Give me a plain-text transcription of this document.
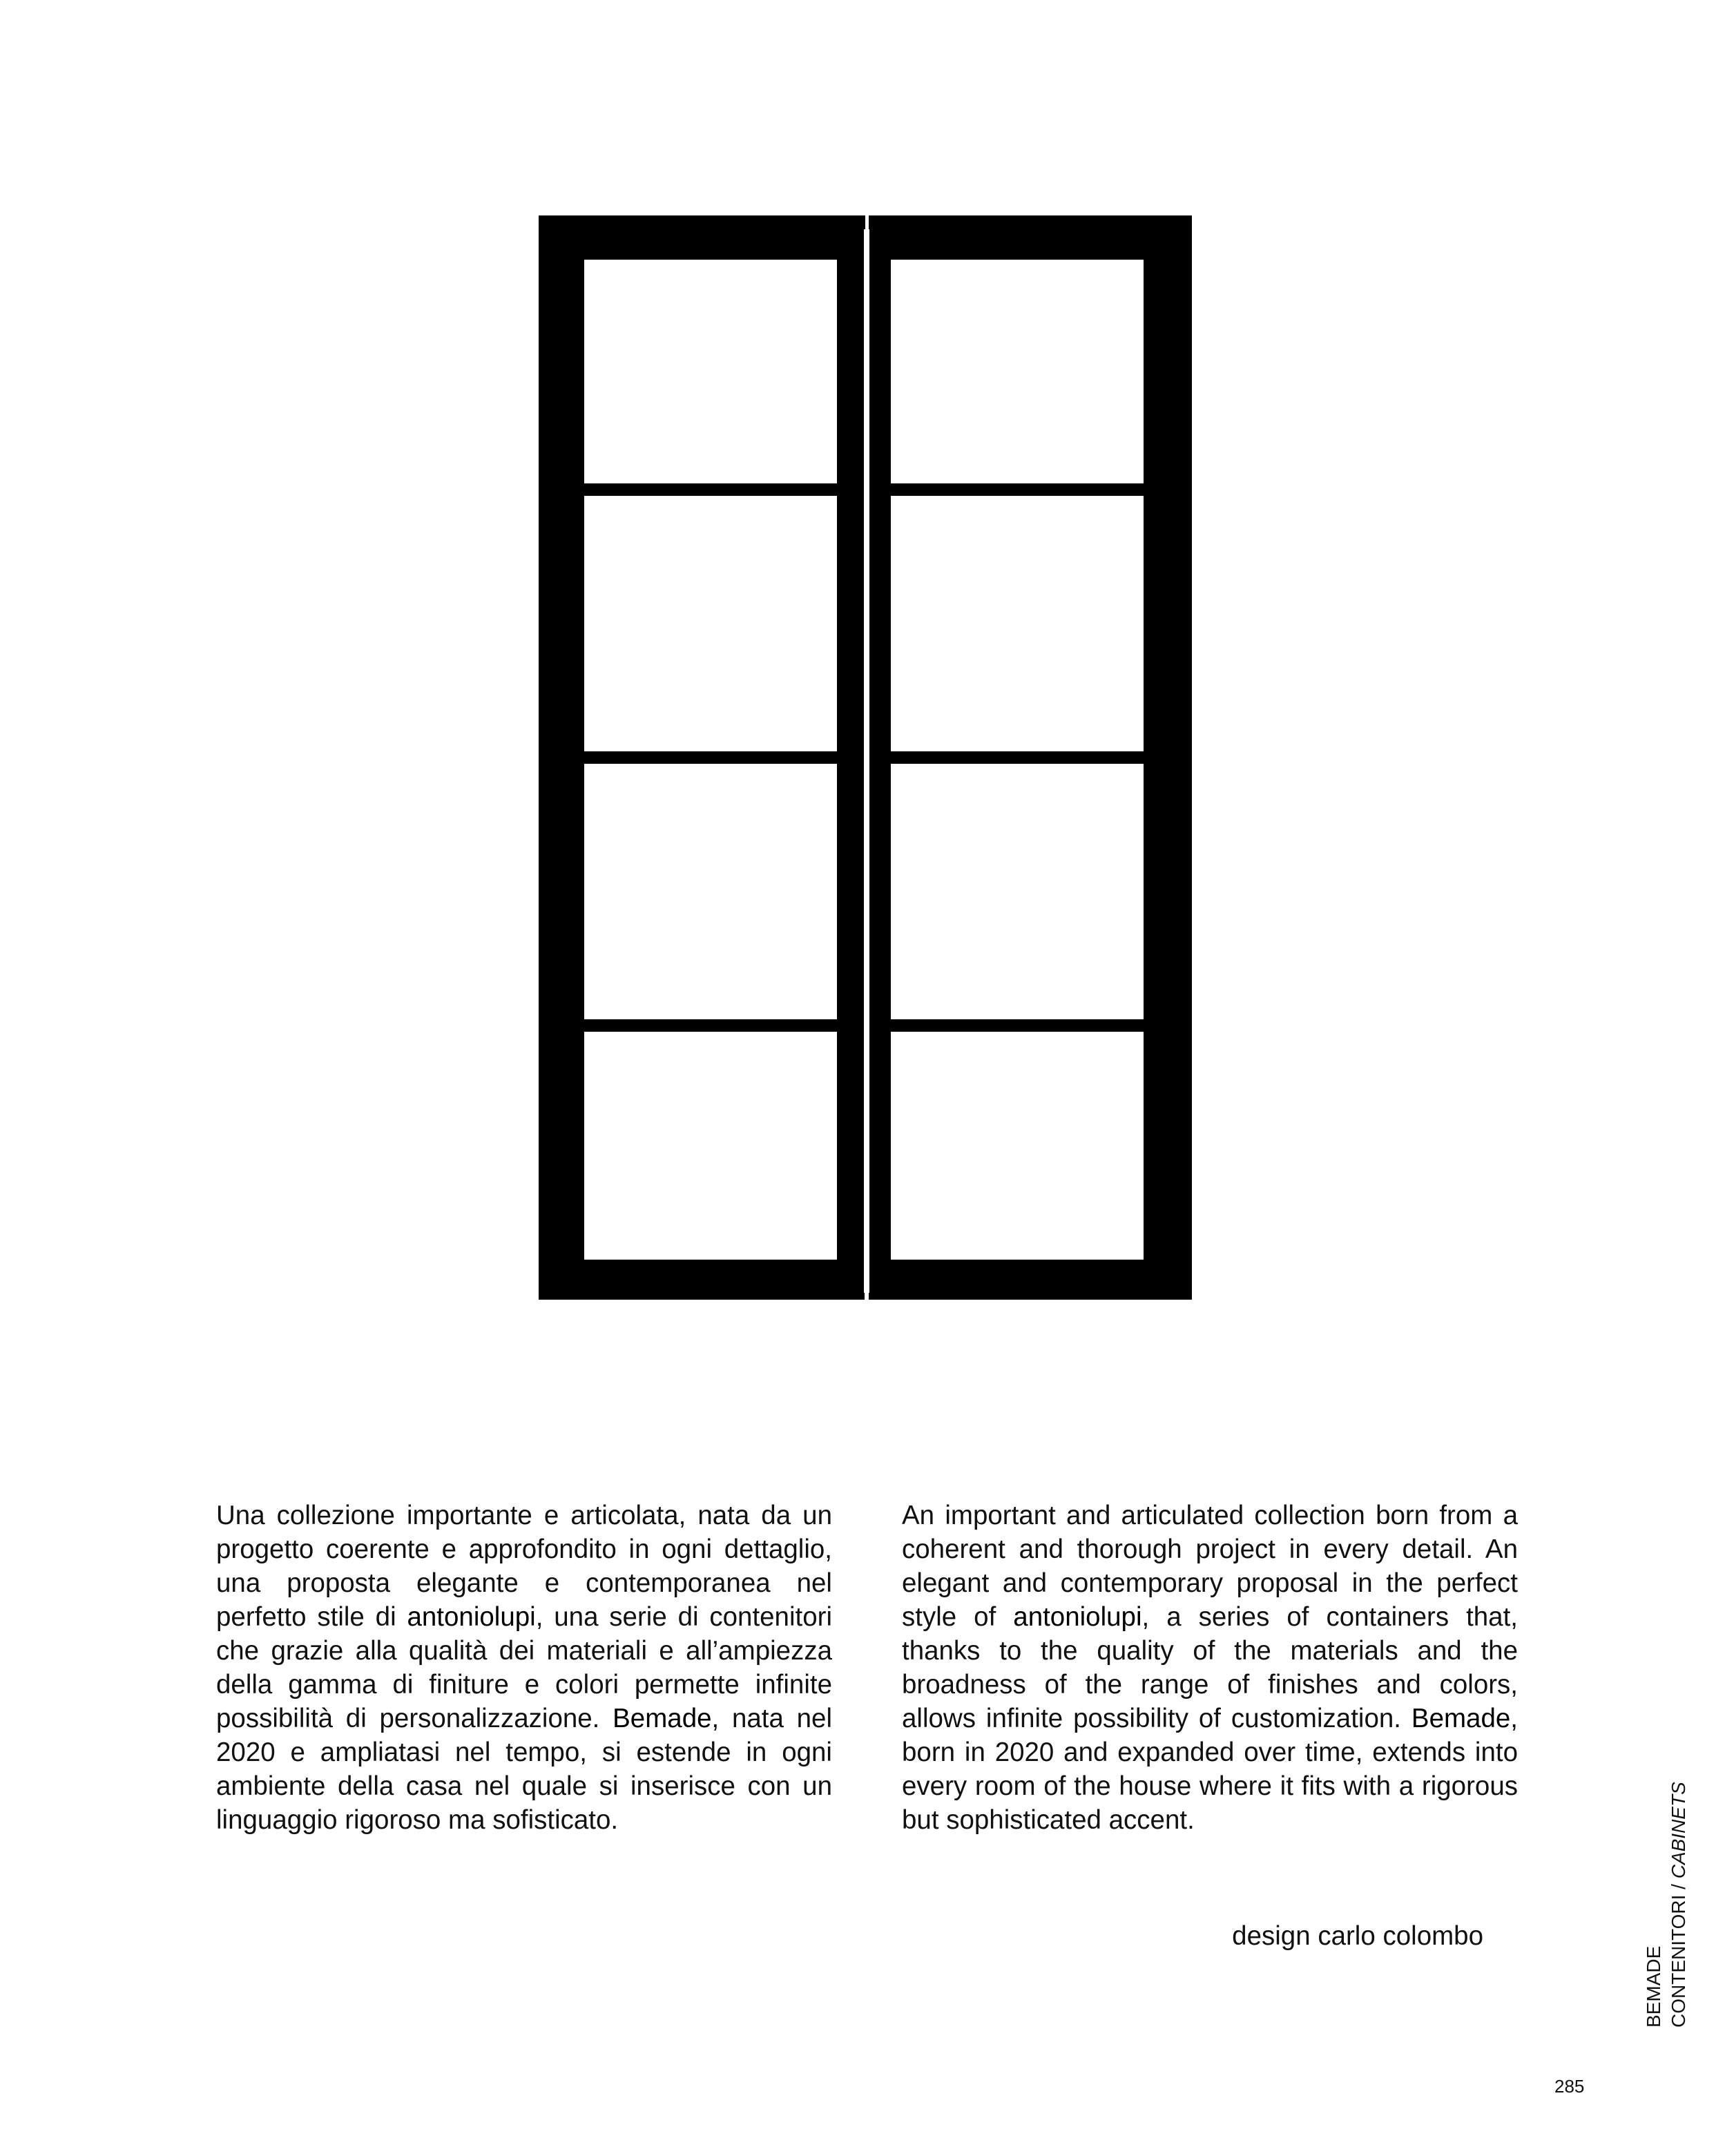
Una collezione importante e articolata, nata da un progetto coerente e approfondito in ogni dettaglio, una proposta elegante e contemporanea nel perfetto stile di antoniolupi, una serie di contenitori che grazie alla qualità dei materiali e all’ampiezza della gamma di finiture e colori permette infinite possibilità di personalizzazione. Bemade, nata nel 2020 e ampliatasi nel tempo, si estende in ogni ambiente della casa nel quale si inserisce con un linguaggio rigoroso ma sofisticato.
An important and articulated collection born from a coherent and thorough project in every detail. An elegant and contemporary proposal in the perfect style of antoniolupi, a series of containers that, thanks to the quality of the materials and the broadness of the range of finishes and colors, allows infinite possibility of customization. Bemade, born in 2020 and expanded over time, extends into every room of the house where it fits with a rigorous but sophisticated accent.
design carlo colombo
BEMADE CONTENITORI / CABINETS
285
